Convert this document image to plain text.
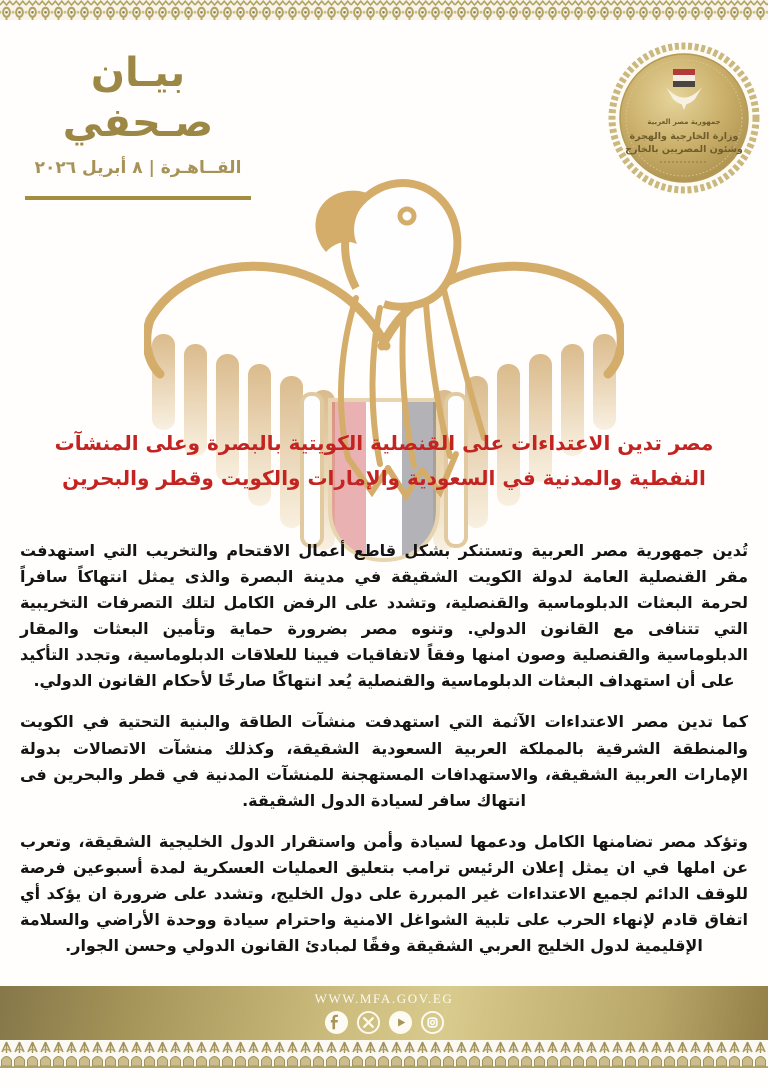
بيـان صـحفي
القــاهـرة | ٨ أبريل ٢٠٢٦
جمهورية مصر العربية
وزارة الخارجية والهجرة
وشئون المصريين بالخارج
مصر تدين الاعتداءات على القنصلية الكويتية بالبصرة وعلى المنشآت النفطية والمدنية في السعودية والإمارات والكويت وقطر والبحرين

تُدين جمهورية مصر العربية وتستنكر بشكل قاطع أعمال الاقتحام والتخريب التي استهدفت مقر القنصلية العامة لدولة الكويت الشقيقة في مدينة البصرة والذى يمثل انتهاكاً سافراً لحرمة البعثات الدبلوماسية والقنصلية، وتشدد على الرفض الكامل لتلك التصرفات التخريبية التي تتنافى مع القانون الدولي. وتنوه مصر بضرورة حماية وتأمين البعثات والمقار الدبلوماسية والقنصلية وصون امنها وفقاً لاتفاقيات فيينا للعلاقات الدبلوماسية، وتجدد التأكيد على أن استهداف البعثات الدبلوماسية والقنصلية يُعد انتهاكًا صارخًا لأحكام القانون الدولي.

كما تدين مصر الاعتداءات الآثمة التي استهدفت منشآت الطاقة والبنية التحتية في الكويت والمنطقة الشرقية بالمملكة العربية السعودية الشقيقة، وكذلك منشآت الاتصالات بدولة الإمارات العربية الشقيقة، والاستهدافات المستهجنة للمنشآت المدنية في قطر والبحرين فى انتهاك سافر لسيادة الدول الشقيقة.

وتؤكد مصر تضامنها الكامل ودعمها لسيادة وأمن واستقرار الدول الخليجية الشقيقة، وتعرب عن املها في ان يمثل إعلان الرئيس ترامب بتعليق العمليات العسكرية لمدة أسبوعين فرصة للوقف الدائم لجميع الاعتداءات غير المبررة على دول الخليج، وتشدد على ضرورة ان يؤكد أي اتفاق قادم لإنهاء الحرب على تلبية الشواغل الامنية واحترام سيادة ووحدة الأراضي والسلامة الإقليمية لدول الخليج العربي الشقيقة وفقًا لمبادئ القانون الدولي وحسن الجوار.

WWW.MFA.GOV.EG
